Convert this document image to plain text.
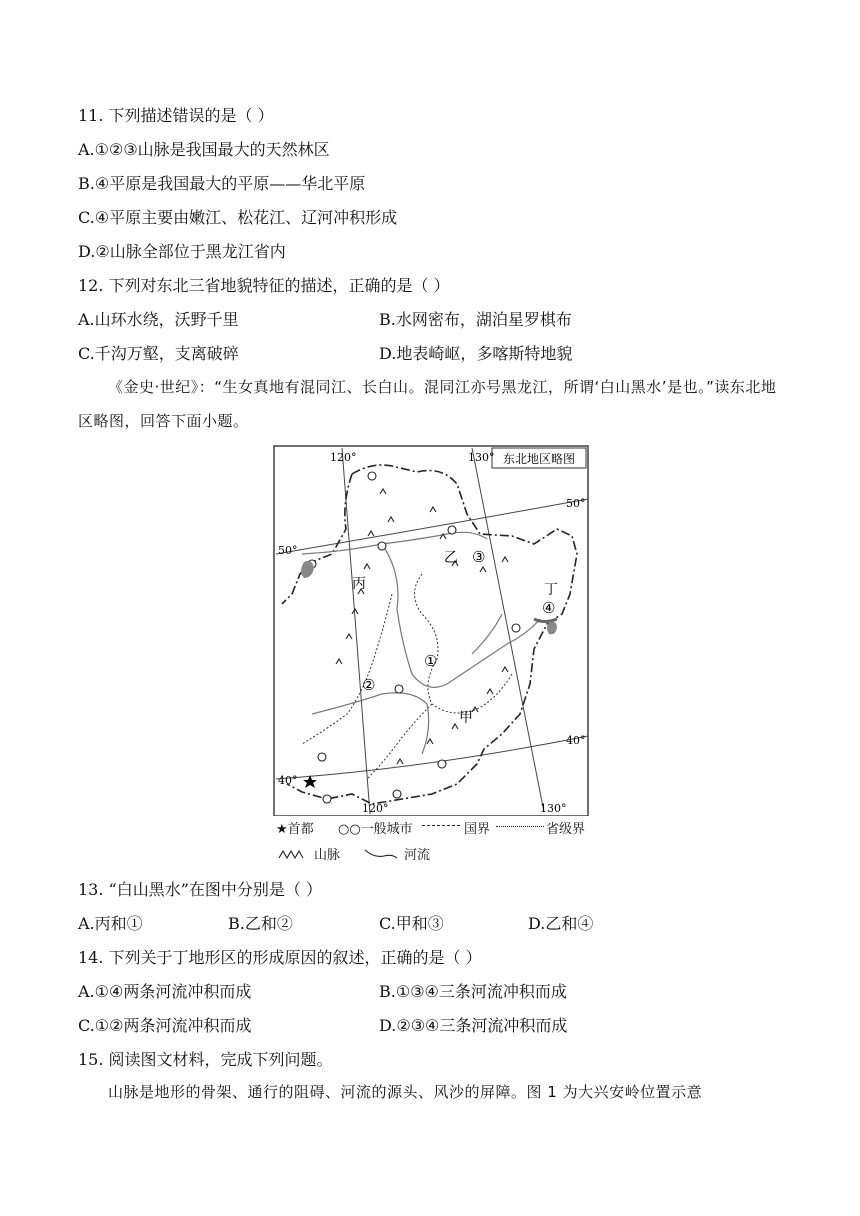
11. 下列描述错误的是（ ）
A.①②③山脉是我国最大的天然林区
B.④平原是我国最大的平原——华北平原
C.④平原主要由嫩江、松花江、辽河冲积形成
D.②山脉全部位于黑龙江省内
12. 下列对东北三省地貌特征的描述，正确的是（ ）
A.山环水绕，沃野千里	B.水网密布，湖泊星罗棋布
C.千沟万壑，支离破碎	D.地表崎岖，多喀斯特地貌
《金史·世纪》：“生女真地有混同江、长白山。混同江亦号黑龙江，所谓‘白山黑水’是也。”读东北地区略图，回答下面小题。
东北地区略图
120°	130°
120°	130°
50°
50°
40°
40°
丙
乙 ③
丁
④
①
②
甲
★首都 ○○一般城市	国界	省级界
山脉	河流
13. “白山黑水”在图中分别是（ ）
A.丙和①	B.乙和②	C.甲和③	D.乙和④
14. 下列关于丁地形区的形成原因的叙述，正确的是（ ）
A.①④两条河流冲积而成	B.①③④三条河流冲积而成
C.①②两条河流冲积而成	D.②③④三条河流冲积而成
15. 阅读图文材料，完成下列问题。
山脉是地形的骨架、通行的阻碍、河流的源头、风沙的屏障。图 1 为大兴安岭位置示意
